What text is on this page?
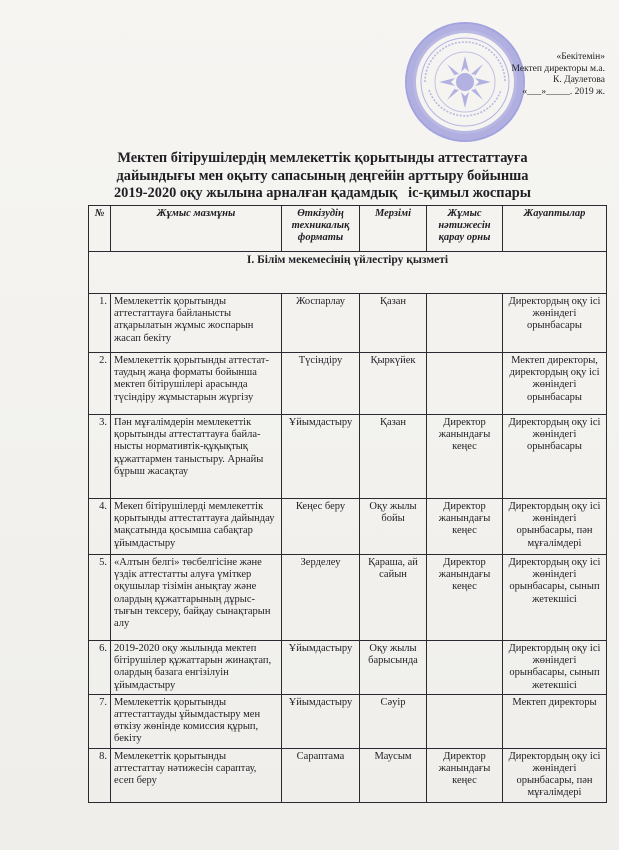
«Бекітемін»
Мектеп директоры м.а.
К. Даулетова
«___»_____. 2019 ж.
Мектеп бітірушілердің мемлекеттік қорытынды аттестаттауға
дайындығы мен оқыту сапасының деңгейін арттыру бойынша
2019-2020 оқу жылына арналған қадамдық   іс-қимыл жоспары
№	Жұмыс мазмұны	Өткізудің техникалық форматы	Мерзімі	Жұмыс нәтижесін қарау орны	Жауаптылар
І. Білім мекемесінің үйлестіру қызметі					
1.	Мемлекеттік қорытынды аттестаттауға байланысты атқарылатын жұмыс жоспарын жасап бекіту	Жоспарлау	Қазан		Директордың оқу ісі жөніндегі орынбасары
2.	Мемлекеттік қорытынды аттестат-таудың жаңа форматы бойынша мектеп бітірушілері арасында түсіндіру жұмыстарын жүргізу	Түсіндіру	Қыркүйек		Мектеп директоры, директордың оқу ісі жөніндегі орынбасары
3.	Пән мұғалімдерін мемлекеттік қорытынды аттестаттауға байла-нысты нормативтік-құқықтық құжаттармен таныстыру. Арнайы бұрыш жасақтау	Ұйымдастыру	Қазан	Директор жанындағы кеңес	Директордың оқу ісі жөніндегі орынбасары
4.	Мекеп бітірушілерді мемлекеттік қорытынды аттестаттауға дайындау мақсатында қосымша сабақтар ұйымдастыру	Кеңес беру	Оқу жылы бойы	Директор жанындағы кеңес	Директордың оқу ісі жөніндегі орынбасары, пән мұғалімдері
5.	«Алтын белгі» төсбелгісіне және үздік аттестатты алуға үміткер оқушылар тізімін анықтау және олардың құжаттарының дұрыс-тығын тексеру, байқау сынақтарын алу	Зерделеу	Қараша, ай сайын	Директор жанындағы кеңес	Директордың оқу ісі жөніндегі орынбасары, сынып жетекшісі
6.	2019-2020 оқу жылында мектеп бітірушілер құжаттарын жинақтап, олардың базага енгізілуін ұйымдастыру	Ұйымдастыру	Оқу жылы барысында		Директордың оқу ісі жөніндегі орынбасары, сынып жетекшісі
7.	Мемлекеттік қорытынды аттестаттауды ұйымдастыру мен өткізу жөнінде комиссия құрып, бекіту	Ұйымдастыру	Сәуір		Мектеп директоры
8.	Мемлекеттік қорытынды аттестаттау нәтижесін сараптау, есеп беру	Сараптама	Маусым	Директор жанындағы кеңес	Директордың оқу ісі жөніндегі орынбасары, пән мұғалімдері
